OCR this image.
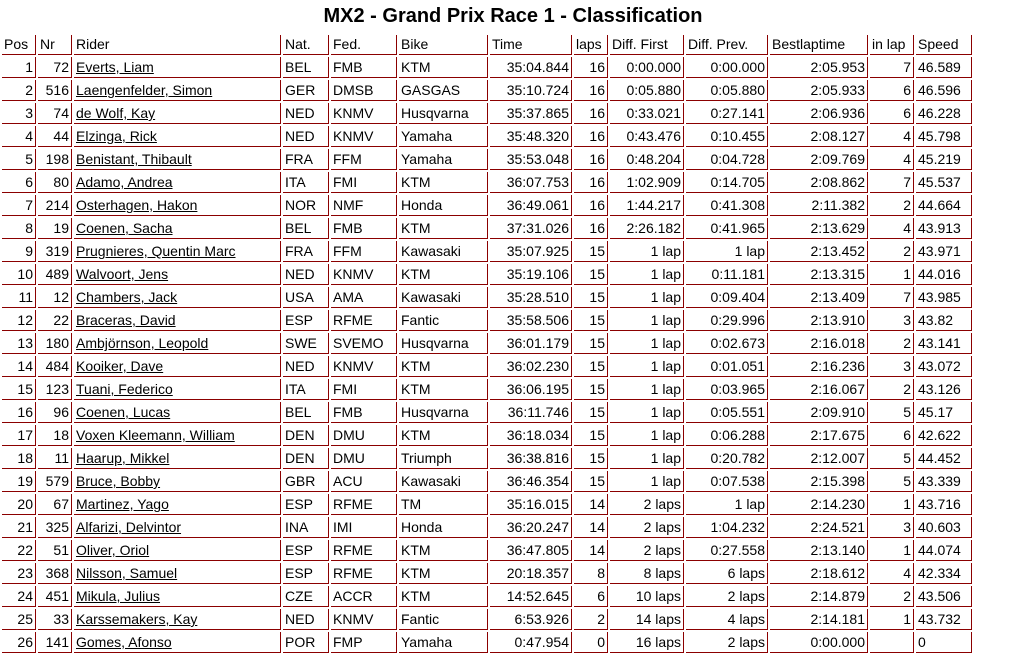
MX2 - Grand Prix Race 1 - Classification
Pos	Nr	Rider	Nat.	Fed.	Bike	Time	laps	Diff. First	Diff. Prev.	Bestlaptime	in lap	Speed
1	72	Everts, Liam	BEL	FMB	KTM	35:04.844	16	0:00.000	0:00.000	2:05.953	7	46.589
2	516	Laengenfelder, Simon	GER	DMSB	GASGAS	35:10.724	16	0:05.880	0:05.880	2:05.933	6	46.596
3	74	de Wolf, Kay	NED	KNMV	Husqvarna	35:37.865	16	0:33.021	0:27.141	2:06.936	6	46.228
4	44	Elzinga, Rick	NED	KNMV	Yamaha	35:48.320	16	0:43.476	0:10.455	2:08.127	4	45.798
5	198	Benistant, Thibault	FRA	FFM	Yamaha	35:53.048	16	0:48.204	0:04.728	2:09.769	4	45.219
6	80	Adamo, Andrea	ITA	FMI	KTM	36:07.753	16	1:02.909	0:14.705	2:08.862	7	45.537
7	214	Osterhagen, Hakon	NOR	NMF	Honda	36:49.061	16	1:44.217	0:41.308	2:11.382	2	44.664
8	19	Coenen, Sacha	BEL	FMB	KTM	37:31.026	16	2:26.182	0:41.965	2:13.629	4	43.913
9	319	Prugnieres, Quentin Marc	FRA	FFM	Kawasaki	35:07.925	15	1 lap	1 lap	2:13.452	2	43.971
10	489	Walvoort, Jens	NED	KNMV	KTM	35:19.106	15	1 lap	0:11.181	2:13.315	1	44.016
11	12	Chambers, Jack	USA	AMA	Kawasaki	35:28.510	15	1 lap	0:09.404	2:13.409	7	43.985
12	22	Braceras, David	ESP	RFME	Fantic	35:58.506	15	1 lap	0:29.996	2:13.910	3	43.82
13	180	Ambjörnson, Leopold	SWE	SVEMO	Husqvarna	36:01.179	15	1 lap	0:02.673	2:16.018	2	43.141
14	484	Kooiker, Dave	NED	KNMV	KTM	36:02.230	15	1 lap	0:01.051	2:16.236	3	43.072
15	123	Tuani, Federico	ITA	FMI	KTM	36:06.195	15	1 lap	0:03.965	2:16.067	2	43.126
16	96	Coenen, Lucas	BEL	FMB	Husqvarna	36:11.746	15	1 lap	0:05.551	2:09.910	5	45.17
17	18	Voxen Kleemann, William	DEN	DMU	KTM	36:18.034	15	1 lap	0:06.288	2:17.675	6	42.622
18	11	Haarup, Mikkel	DEN	DMU	Triumph	36:38.816	15	1 lap	0:20.782	2:12.007	5	44.452
19	579	Bruce, Bobby	GBR	ACU	Kawasaki	36:46.354	15	1 lap	0:07.538	2:15.398	5	43.339
20	67	Martinez, Yago	ESP	RFME	TM	35:16.015	14	2 laps	1 lap	2:14.230	1	43.716
21	325	Alfarizi, Delvintor	INA	IMI	Honda	36:20.247	14	2 laps	1:04.232	2:24.521	3	40.603
22	51	Oliver, Oriol	ESP	RFME	KTM	36:47.805	14	2 laps	0:27.558	2:13.140	1	44.074
23	368	Nilsson, Samuel	ESP	RFME	KTM	20:18.357	8	8 laps	6 laps	2:18.612	4	42.334
24	451	Mikula, Julius	CZE	ACCR	KTM	14:52.645	6	10 laps	2 laps	2:14.879	2	43.506
25	33	Karssemakers, Kay	NED	KNMV	Fantic	6:53.926	2	14 laps	4 laps	2:14.181	1	43.732
26	141	Gomes, Afonso	POR	FMP	Yamaha	0:47.954	0	16 laps	2 laps	0:00.000		0
